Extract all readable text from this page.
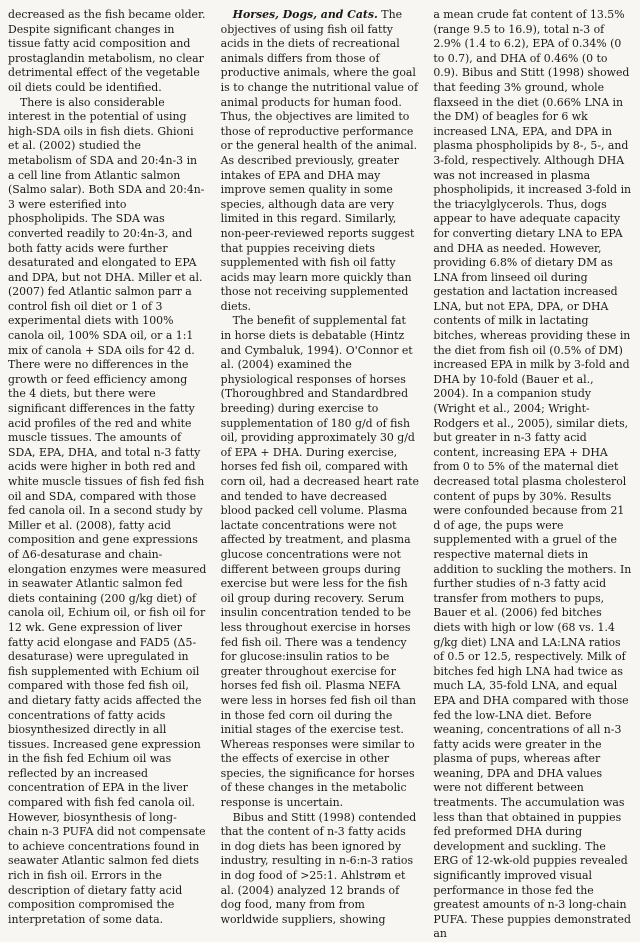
decreased as the fish became older. Despite significant changes in tissue fatty acid composition and prostaglandin metabolism, no clear detrimental effect of the vegetable oil diets could be identified.

There is also considerable interest in the potential of using high-SDA oils in fish diets. Ghioni et al. (2002) studied the metabolism of SDA and 20:4n-3 in a cell line from Atlantic salmon (Salmo salar). Both SDA and 20:4n-3 were esterified into phospholipids. The SDA was converted readily to 20:4n-3, and both fatty acids were further desaturated and elongated to EPA and DPA, but not DHA. Miller et al. (2007) fed Atlantic salmon parr a control fish oil diet or 1 of 3 experimental diets with 100% canola oil, 100% SDA oil, or a 1:1 mix of canola + SDA oils for 42 d. There were no differences in the growth or feed efficiency among the 4 diets, but there were significant differences in the fatty acid profiles of the red and white muscle tissues. The amounts of SDA, EPA, DHA, and total n-3 fatty acids were higher in both red and white muscle tissues of fish fed fish oil and SDA, compared with those fed canola oil. In a second study by Miller et al. (2008), fatty acid composition and gene expressions of Δ6-desaturase and chain-elongation enzymes were measured in seawater Atlantic salmon fed diets containing (200 g/kg diet) of canola oil, Echium oil, or fish oil for 12 wk. Gene expression of liver fatty acid elongase and FAD5 (Δ5-desaturase) were upregulated in fish supplemented with Echium oil compared with those fed fish oil, and dietary fatty acids affected the concentrations of fatty acids biosynthesized directly in all tissues. Increased gene expression in the fish fed Echium oil was reflected by an increased concentration of EPA in the liver compared with fish fed canola oil. However, biosynthesis of long-chain n-3 PUFA did not compensate to achieve concentrations found in seawater Atlantic salmon fed diets rich in fish oil. Errors in the description of dietary fatty acid composition compromised the interpretation of some data.

Horses, Dogs, and Cats. The objectives of using fish oil fatty acids in the diets of recreational animals differs from those of productive animals, where the goal is to change the nutritional value of animal products for human food. Thus, the objectives are limited to those of reproductive performance or the general health of the animal. As described previously, greater intakes of EPA and DHA may improve semen quality in some species, although data are very limited in this regard. Similarly, non-peer-reviewed reports suggest that puppies receiving diets supplemented with fish oil fatty acids may learn more quickly than those not receiving supplemented diets.

The benefit of supplemental fat in horse diets is debatable (Hintz and Cymbaluk, 1994). O'Connor et al. (2004) examined the physiological responses of horses (Thoroughbred and Standardbred breeding) during exercise to supplementation of 180 g/d of fish oil, providing approximately 30 g/d of EPA + DHA. During exercise, horses fed fish oil, compared with corn oil, had a decreased heart rate and tended to have decreased blood packed cell volume. Plasma lactate concentrations were not affected by treatment, and plasma glucose concentrations were not different between groups during exercise but were less for the fish oil group during recovery. Serum insulin concentration tended to be less throughout exercise in horses fed fish oil. There was a tendency for glucose:insulin ratios to be greater throughout exercise for horses fed fish oil. Plasma NEFA were less in horses fed fish oil than in those fed corn oil during the initial stages of the exercise test. Whereas responses were similar to the effects of exercise in other species, the significance for horses of these changes in the metabolic response is uncertain.

Bibus and Stitt (1998) contended that the content of n-3 fatty acids in dog diets has been ignored by industry, resulting in n-6:n-3 ratios in dog food of >25:1. Ahlstrøm et al. (2004) analyzed 12 brands of dog food, many from from worldwide suppliers, showing

a mean crude fat content of 13.5% (range 9.5 to 16.9), total n-3 of 2.9% (1.4 to 6.2), EPA of 0.34% (0 to 0.7), and DHA of 0.46% (0 to 0.9). Bibus and Stitt (1998) showed that feeding 3% ground, whole flaxseed in the diet (0.66% LNA in the DM) of beagles for 6 wk increased LNA, EPA, and DPA in plasma phospholipids by 8-, 5-, and 3-fold, respectively. Although DHA was not increased in plasma phospholipids, it increased 3-fold in the triacylglycerols. Thus, dogs appear to have adequate capacity for converting dietary LNA to EPA and DHA as needed. However, providing 6.8% of dietary DM as LNA from linseed oil during gestation and lactation increased LNA, but not EPA, DPA, or DHA contents of milk in lactating bitches, whereas providing these in the diet from fish oil (0.5% of DM) increased EPA in milk by 3-fold and DHA by 10-fold (Bauer et al., 2004). In a companion study (Wright et al., 2004; Wright-Rodgers et al., 2005), similar diets, but greater in n-3 fatty acid content, increasing EPA + DHA from 0 to 5% of the maternal diet decreased total plasma cholesterol content of pups by 30%. Results were confounded because from 21 d of age, the pups were supplemented with a gruel of the respective maternal diets in addition to suckling the mothers. In further studies of n-3 fatty acid transfer from mothers to pups, Bauer et al. (2006) fed bitches diets with high or low (68 vs. 1.4 g/kg diet) LNA and LA:LNA ratios of 0.5 or 12.5, respectively. Milk of bitches fed high LNA had twice as much LA, 35-fold LNA, and equal EPA and DHA compared with those fed the low-LNA diet. Before weaning, concentrations of all n-3 fatty acids were greater in the plasma of pups, whereas after weaning, DPA and DHA values were not different between treatments. The accumulation was less than that obtained in puppies fed preformed DHA during development and suckling. The ERG of 12-wk-old puppies revealed significantly improved visual performance in those fed the greatest amounts of n-3 long-chain PUFA. These puppies demonstrated an
